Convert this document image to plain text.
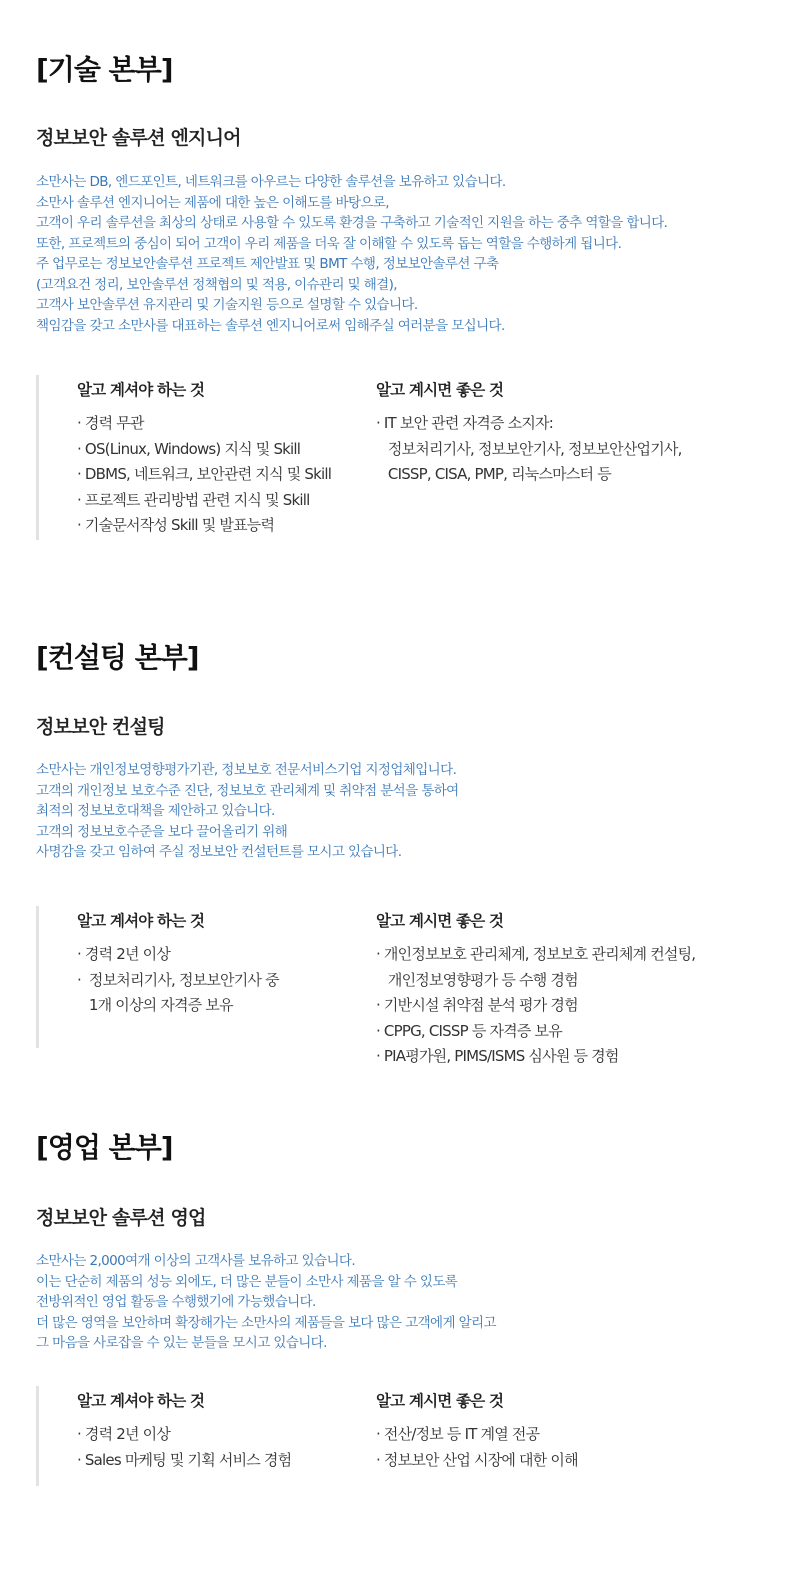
[기술 본부]
정보보안 솔루션 엔지니어
소만사는 DB, 엔드포인트, 네트워크를 아우르는 다양한 솔루션을 보유하고 있습니다.
소만사 솔루션 엔지니어는 제품에 대한 높은 이해도를 바탕으로,
고객이 우리 솔루션을 최상의 상태로 사용할 수 있도록 환경을 구축하고 기술적인 지원을 하는 중추 역할을 합니다.
또한, 프로젝트의 중심이 되어 고객이 우리 제품을 더욱 잘 이해할 수 있도록 돕는 역할을 수행하게 됩니다.
주 업무로는 정보보안솔루션 프로젝트 제안발표 및 BMT 수행, 정보보안솔루션 구축
(고객요건 정리, 보안솔루션 정책협의 및 적용, 이슈관리 및 해결),
고객사 보안솔루션 유지관리 및 기술지원 등으로 설명할 수 있습니다.
책임감을 갖고 소만사를 대표하는 솔루션 엔지니어로써 임해주실 여러분을 모십니다.
알고 계셔야 하는 것
· 경력 무관
· OS(Linux, Windows) 지식 및 Skill
· DBMS, 네트워크, 보안관련 지식 및 Skill
· 프로젝트 관리방법 관련 지식 및 Skill
· 기술문서작성 Skill 및 발표능력
알고 계시면 좋은 것
· IT 보안 관련 자격증 소지자:
정보처리기사, 정보보안기사, 정보보안산업기사,
CISSP, CISA, PMP, 리눅스마스터 등
[컨설팅 본부]
정보보안 컨설팅
소만사는 개인정보영향평가기관, 정보보호 전문서비스기업 지정업체입니다.
고객의 개인정보 보호수준 진단, 정보보호 관리체계 및 취약점 분석을 통하여
최적의 정보보호대책을 제안하고 있습니다.
고객의 정보보호수준을 보다 끌어올리기 위해
사명감을 갖고 임하여 주실 정보보안 컨설턴트를 모시고 있습니다.
알고 계셔야 하는 것
· 경력 2년 이상
·  정보처리기사, 정보보안기사 중
1개 이상의 자격증 보유
알고 계시면 좋은 것
· 개인정보보호 관리체계, 정보보호 관리체계 컨설팅,
개인정보영향평가 등 수행 경험
· 기반시설 취약점 분석 평가 경험
· CPPG, CISSP 등 자격증 보유
· PIA평가원, PIMS/ISMS 심사원 등 경험
[영업 본부]
정보보안 솔루션 영업
소만사는 2,000여개 이상의 고객사를 보유하고 있습니다.
이는 단순히 제품의 성능 외에도, 더 많은 분들이 소만사 제품을 알 수 있도록
전방위적인 영업 활동을 수행했기에 가능했습니다.
더 많은 영역을 보안하며 확장해가는 소만사의 제품들을 보다 많은 고객에게 알리고
그 마음을 사로잡을 수 있는 분들을 모시고 있습니다.
알고 계셔야 하는 것
· 경력 2년 이상
· Sales 마케팅 및 기획 서비스 경험
알고 계시면 좋은 것
· 전산/정보 등 IT 계열 전공
· 정보보안 산업 시장에 대한 이해
